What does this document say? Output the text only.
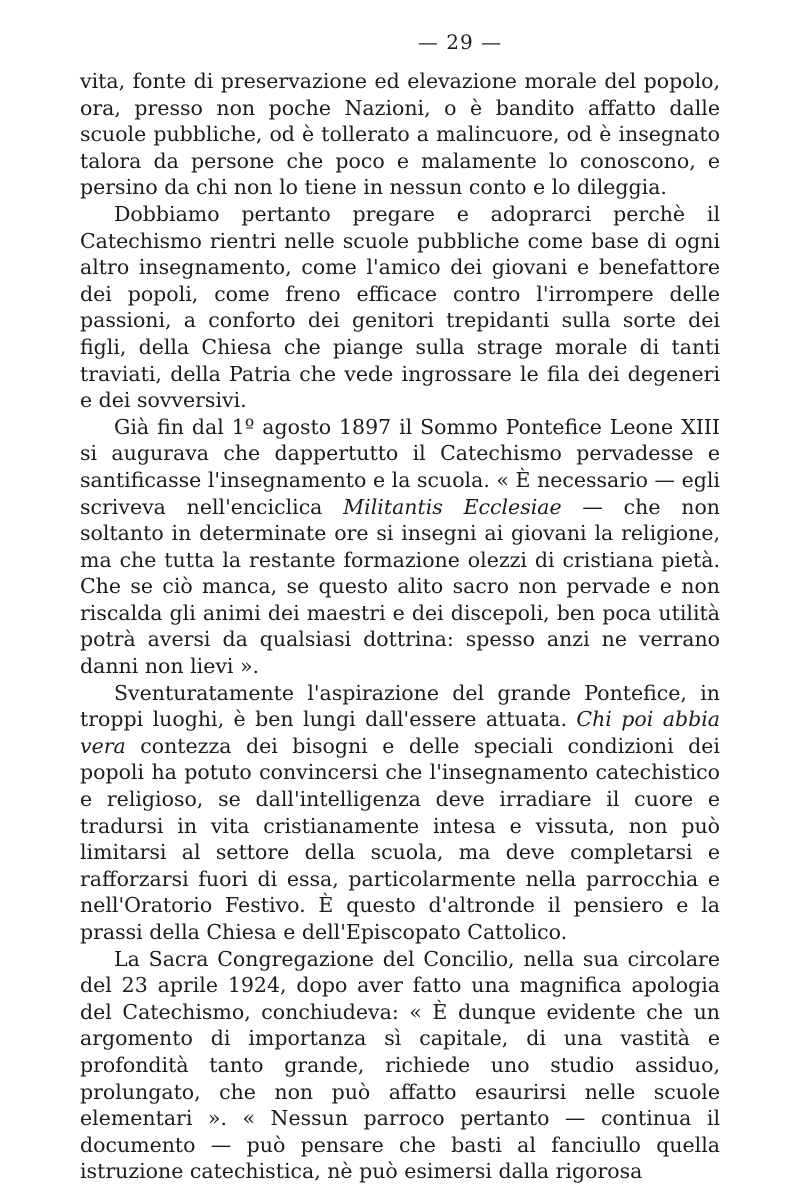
— 29 —

vita, fonte di preservazione ed elevazione morale del popolo, ora, presso non poche Nazioni, o è bandito affatto dalle scuole pubbliche, od è tollerato a malincuore, od è insegnato talora da persone che poco e malamente lo conoscono, e persino da chi non lo tiene in nessun conto e lo dileggia.

Dobbiamo pertanto pregare e adoprarci perchè il Catechismo rientri nelle scuole pubbliche come base di ogni altro insegnamento, come l'amico dei giovani e benefattore dei popoli, come freno efficace contro l'irrompere delle passioni, a conforto dei genitori trepidanti sulla sorte dei figli, della Chiesa che piange sulla strage morale di tanti traviati, della Patria che vede ingrossare le fila dei degeneri e dei sovversivi.

Già fin dal 1º agosto 1897 il Sommo Pontefice Leone XIII si augurava che dappertutto il Catechismo pervadesse e santificasse l'insegnamento e la scuola. « È necessario — egli scriveva nell'enciclica Militantis Ecclesiae — che non soltanto in determinate ore si insegni ai giovani la religione, ma che tutta la restante formazione olezzi di cristiana pietà. Che se ciò manca, se questo alito sacro non pervade e non riscalda gli animi dei maestri e dei discepoli, ben poca utilità potrà aversi da qualsiasi dottrina: spesso anzi ne verrano danni non lievi ».

Sventuratamente l'aspirazione del grande Pontefice, in troppi luoghi, è ben lungi dall'essere attuata. Chi poi abbia vera contezza dei bisogni e delle speciali condizioni dei popoli ha potuto convincersi che l'insegnamento catechistico e religioso, se dall'intelligenza deve irradiare il cuore e tradursi in vita cristianamente intesa e vissuta, non può limitarsi al settore della scuola, ma deve completarsi e rafforzarsi fuori di essa, particolarmente nella parrocchia e nell'Oratorio Festivo. È questo d'altronde il pensiero e la prassi della Chiesa e dell'Episcopato Cattolico.

La Sacra Congregazione del Concilio, nella sua circolare del 23 aprile 1924, dopo aver fatto una magnifica apologia del Catechismo, conchiudeva: « È dunque evidente che un argomento di importanza sì capitale, di una vastità e profondità tanto grande, richiede uno studio assiduo, prolungato, che non può affatto esaurirsi nelle scuole elementari ». « Nessun parroco pertanto — continua il documento — può pensare che basti al fanciullo quella istruzione catechistica, nè può esimersi dalla rigorosa
